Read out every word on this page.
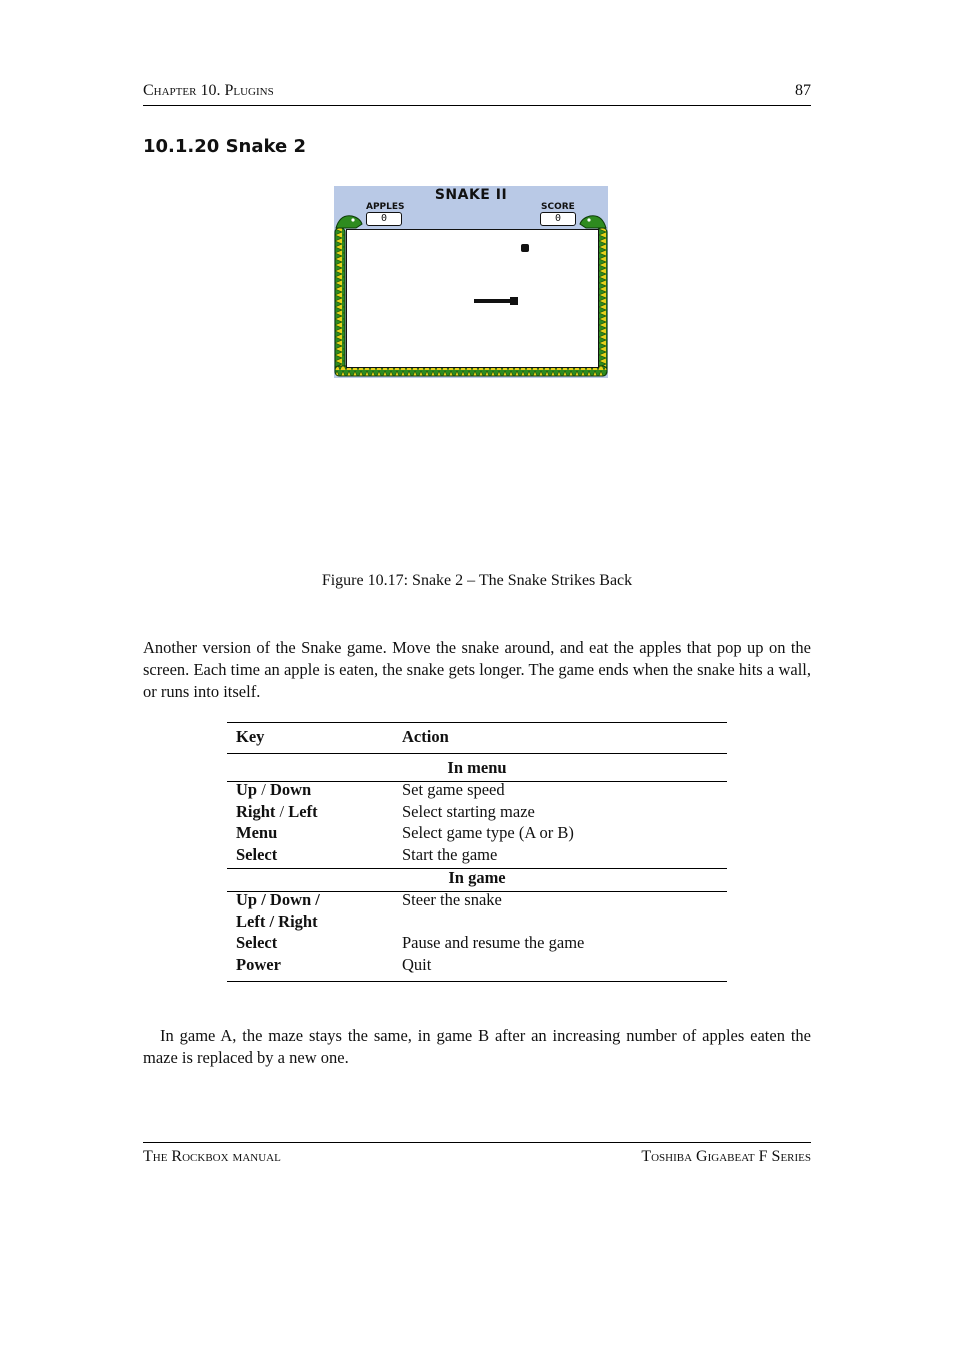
Chapter 10. Plugins	87
10.1.20 Snake 2
SNAKE II
APPLES
0
SCORE
0
Figure 10.17: Snake 2 – The Snake Strikes Back
Another version of the Snake game. Move the snake around, and eat the apples that pop up on the screen. Each time an apple is eaten, the snake gets longer. The game ends when the snake hits a wall, or runs into itself.
Key	Action
In menu
Up / Down	Set game speed
Right / Left	Select starting maze
Menu	Select game type (A or B)
Select	Start the game
In game
Up / Down /	Steer the snake
Left / Right
Select	Pause and resume the game
Power	Quit
In game A, the maze stays the same, in game B after an increasing number of apples eaten the maze is replaced by a new one.
The Rockbox manual	Toshiba Gigabeat F Series
